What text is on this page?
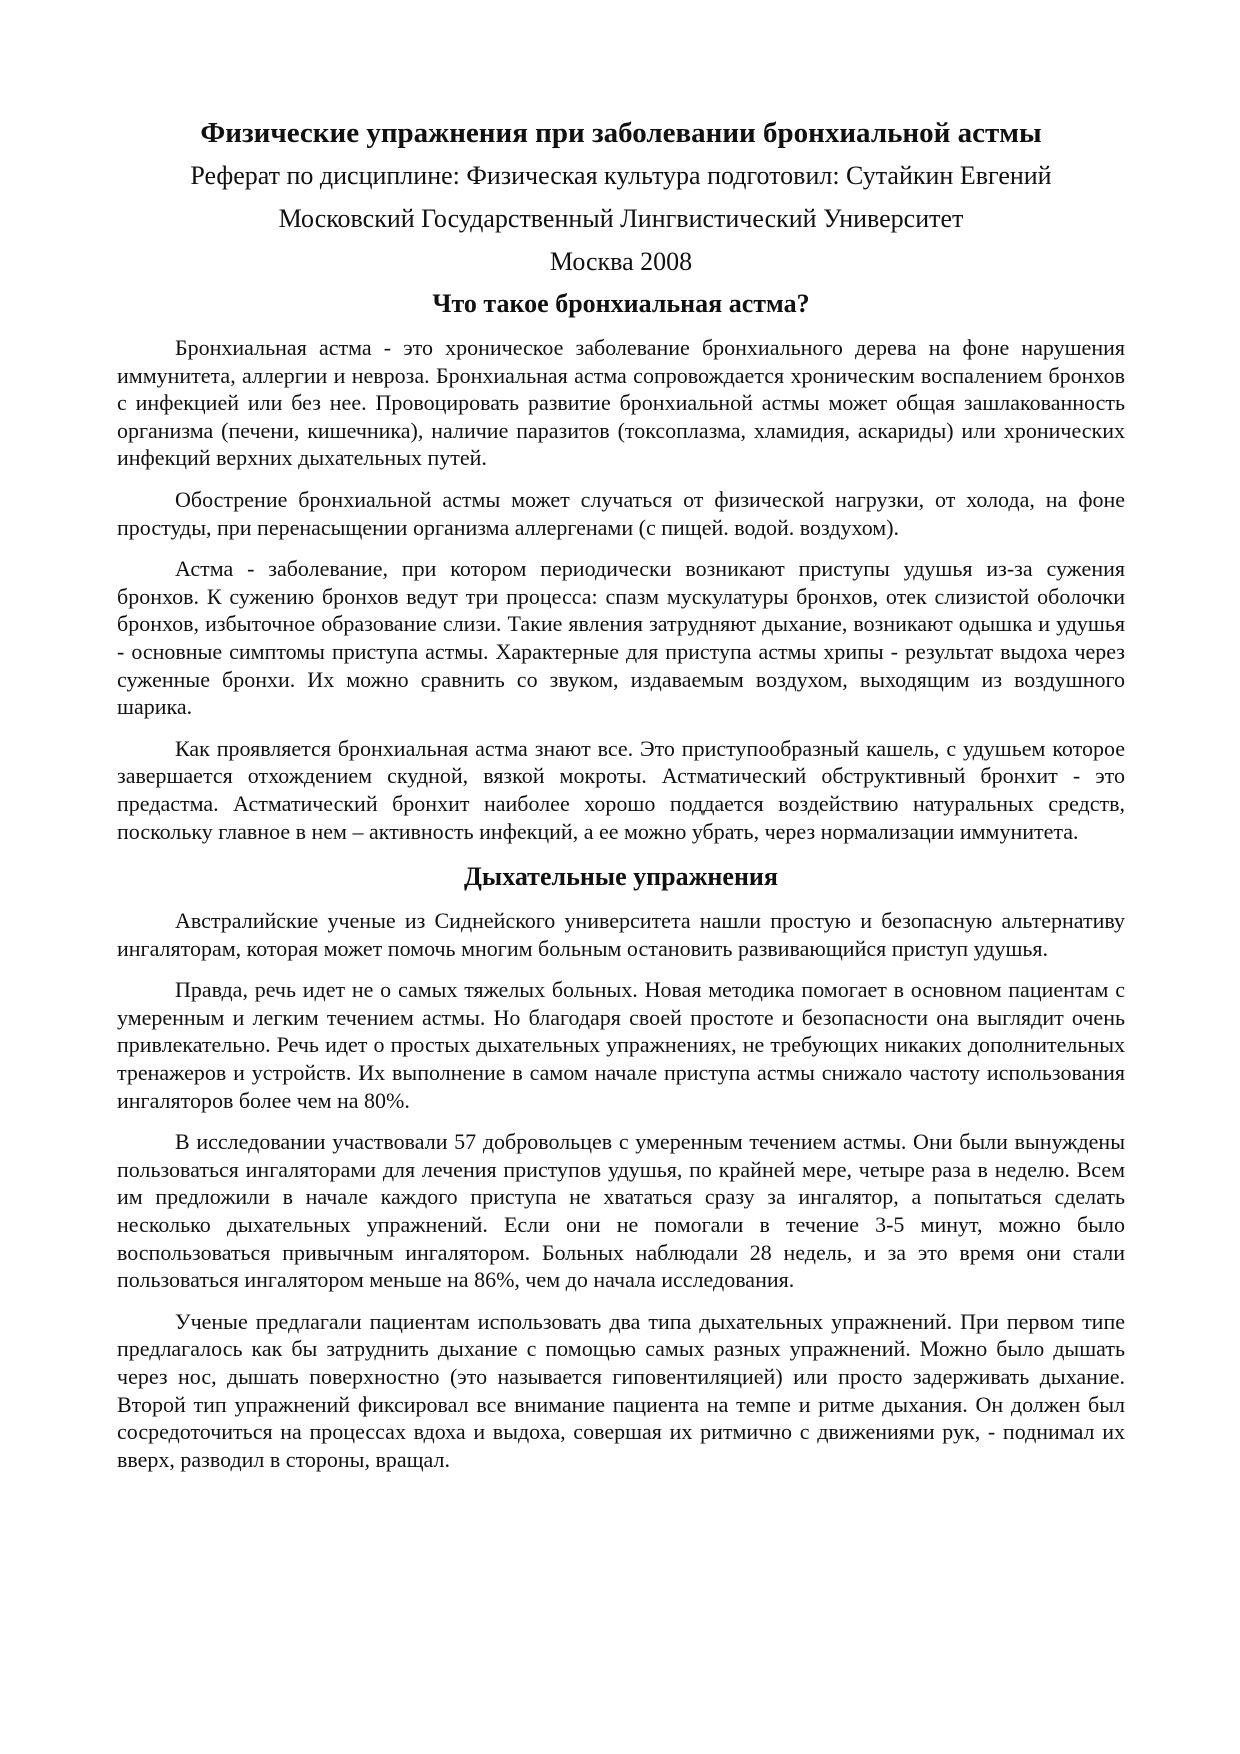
Физические упражнения при заболевании бронхиальной астмы

Реферат по дисциплине: Физическая культура подготовил: Сутайкин Евгений

Московский Государственный Лингвистический Университет

Москва 2008

Что такое бронхиальная астма?

Бронхиальная астма - это хроническое заболевание бронхиального дерева на фоне нарушения иммунитета, аллергии и невроза. Бронхиальная астма сопровождается хроническим воспалением бронхов с инфекцией или без нее. Провоцировать развитие бронхиальной астмы может общая зашлакованность организма (печени, кишечника), наличие паразитов (токсоплазма, хламидия, аскариды) или хронических инфекций верхних дыхательных путей.

Обострение бронхиальной астмы может случаться от физической нагрузки, от холода, на фоне простуды, при перенасыщении организма аллергенами (с пищей. водой. воздухом).

Астма - заболевание, при котором периодически возникают приступы удушья из-за сужения бронхов. К сужению бронхов ведут три процесса: спазм мускулатуры бронхов, отек слизистой оболочки бронхов, избыточное образование слизи. Такие явления затрудняют дыхание, возникают одышка и удушья - основные симптомы приступа астмы. Характерные для приступа астмы хрипы - результат выдоха через суженные бронхи. Их можно сравнить со звуком, издаваемым воздухом, выходящим из воздушного шарика.

Как проявляется бронхиальная астма знают все. Это приступообразный кашель, с удушьем которое завершается отхождением скудной, вязкой мокроты. Астматический обструктивный бронхит - это предастма. Астматический бронхит наиболее хорошо поддается воздействию натуральных средств, поскольку главное в нем – активность инфекций, а ее можно убрать, через нормализации иммунитета.

Дыхательные упражнения

Австралийские ученые из Сиднейского университета нашли простую и безопасную альтернативу ингаляторам, которая может помочь многим больным остановить развивающийся приступ удушья.

Правда, речь идет не о самых тяжелых больных. Новая методика помогает в основном пациентам с умеренным и легким течением астмы. Но благодаря своей простоте и безопасности она выглядит очень привлекательно. Речь идет о простых дыхательных упражнениях, не требующих никаких дополнительных тренажеров и устройств. Их выполнение в самом начале приступа астмы снижало частоту использования ингаляторов более чем на 80%.

В исследовании участвовали 57 добровольцев с умеренным течением астмы. Они были вынуждены пользоваться ингаляторами для лечения приступов удушья, по крайней мере, четыре раза в неделю. Всем им предложили в начале каждого приступа не хвататься сразу за ингалятор, а попытаться сделать несколько дыхательных упражнений. Если они не помогали в течение 3-5 минут, можно было воспользоваться привычным ингалятором. Больных наблюдали 28 недель, и за это время они стали пользоваться ингалятором меньше на 86%, чем до начала исследования.

Ученые предлагали пациентам использовать два типа дыхательных упражнений. При первом типе предлагалось как бы затруднить дыхание с помощью самых разных упражнений. Можно было дышать через нос, дышать поверхностно (это называется гиповентиляцией) или просто задерживать дыхание. Второй тип упражнений фиксировал все внимание пациента на темпе и ритме дыхания. Он должен был сосредоточиться на процессах вдоха и выдоха, совершая их ритмично с движениями рук, - поднимал их вверх, разводил в стороны, вращал.
